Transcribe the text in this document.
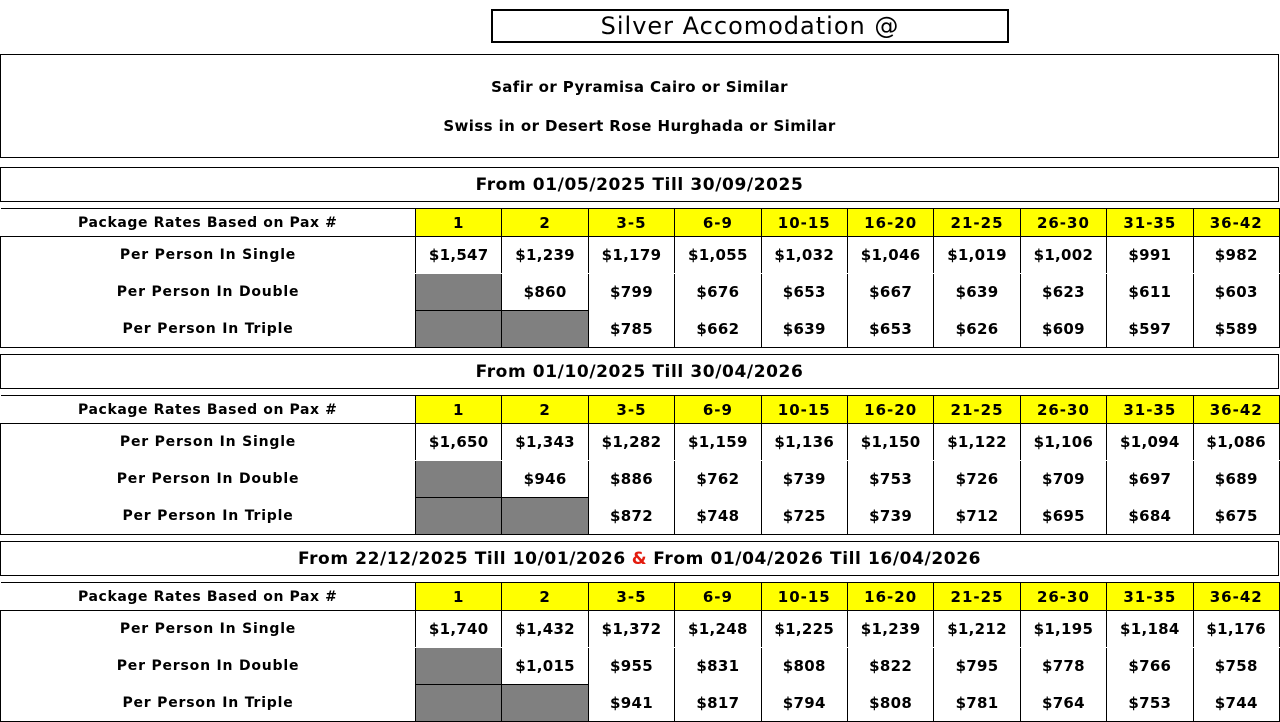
Silver Accomodation @
Safir or Pyramisa Cairo or Similar
Swiss in or Desert Rose Hurghada or Similar
From 01/05/2025 Till 30/09/2025
Package Rates Based on Pax #	1	2	3-5	6-9	10-15	16-20	21-25	26-30	31-35	36-42
Per Person In Single	$1,547	$1,239	$1,179	$1,055	$1,032	$1,046	$1,019	$1,002	$991	$982
Per Person In Double		$860	$799	$676	$653	$667	$639	$623	$611	$603
Per Person In Triple			$785	$662	$639	$653	$626	$609	$597	$589
From 01/10/2025 Till 30/04/2026
Package Rates Based on Pax #	1	2	3-5	6-9	10-15	16-20	21-25	26-30	31-35	36-42
Per Person In Single	$1,650	$1,343	$1,282	$1,159	$1,136	$1,150	$1,122	$1,106	$1,094	$1,086
Per Person In Double		$946	$886	$762	$739	$753	$726	$709	$697	$689
Per Person In Triple			$872	$748	$725	$739	$712	$695	$684	$675
From 22/12/2025 Till 10/01/2026 & From 01/04/2026 Till 16/04/2026
Package Rates Based on Pax #	1	2	3-5	6-9	10-15	16-20	21-25	26-30	31-35	36-42
Per Person In Single	$1,740	$1,432	$1,372	$1,248	$1,225	$1,239	$1,212	$1,195	$1,184	$1,176
Per Person In Double		$1,015	$955	$831	$808	$822	$795	$778	$766	$758
Per Person In Triple			$941	$817	$794	$808	$781	$764	$753	$744
